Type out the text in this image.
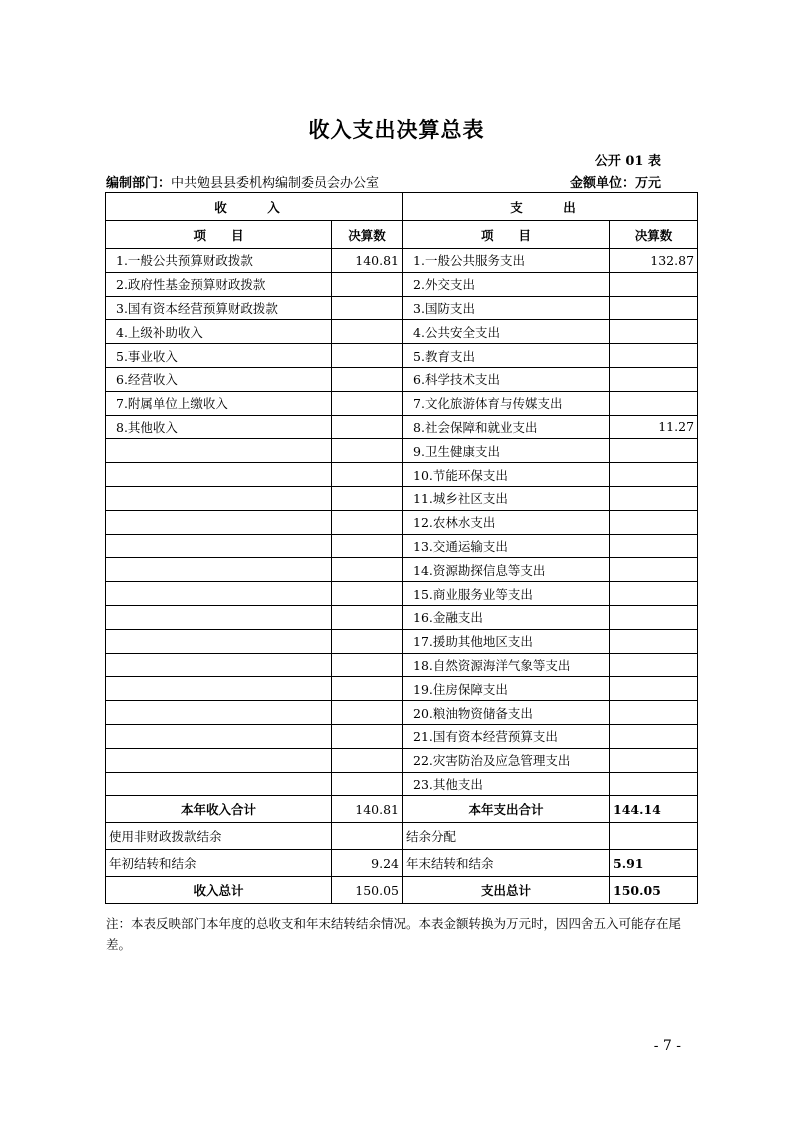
收入支出决算总表
公开 01 表
编制部门：中共勉县县委机构编制委员会办公室	金额单位：万元
收　入		支　出	
项　　目	决算数	项　　目	决算数
1.一般公共预算财政拨款	140.81	1.一般公共服务支出	132.87
2.政府性基金预算财政拨款		2.外交支出	
3.国有资本经营预算财政拨款		3.国防支出	
4.上级补助收入		4.公共安全支出	
5.事业收入		5.教育支出	
6.经营收入		6.科学技术支出	
7.附属单位上缴收入		7.文化旅游体育与传媒支出	
8.其他收入		8.社会保障和就业支出	11.27
		9.卫生健康支出	
		10.节能环保支出	
		11.城乡社区支出	
		12.农林水支出	
		13.交通运输支出	
		14.资源勘探信息等支出	
		15.商业服务业等支出	
		16.金融支出	
		17.援助其他地区支出	
		18.自然资源海洋气象等支出	
		19.住房保障支出	
		20.粮油物资储备支出	
		21.国有资本经营预算支出	
		22.灾害防治及应急管理支出	
		23.其他支出	
本年收入合计	140.81	本年支出合计	144.14
使用非财政拨款结余		结余分配	
年初结转和结余	9.24	年末结转和结余	5.91
收入总计	150.05	支出总计	150.05
注：本表反映部门本年度的总收支和年末结转结余情况。本表金额转换为万元时，因四舍五入可能存在尾差。
- 7 -
